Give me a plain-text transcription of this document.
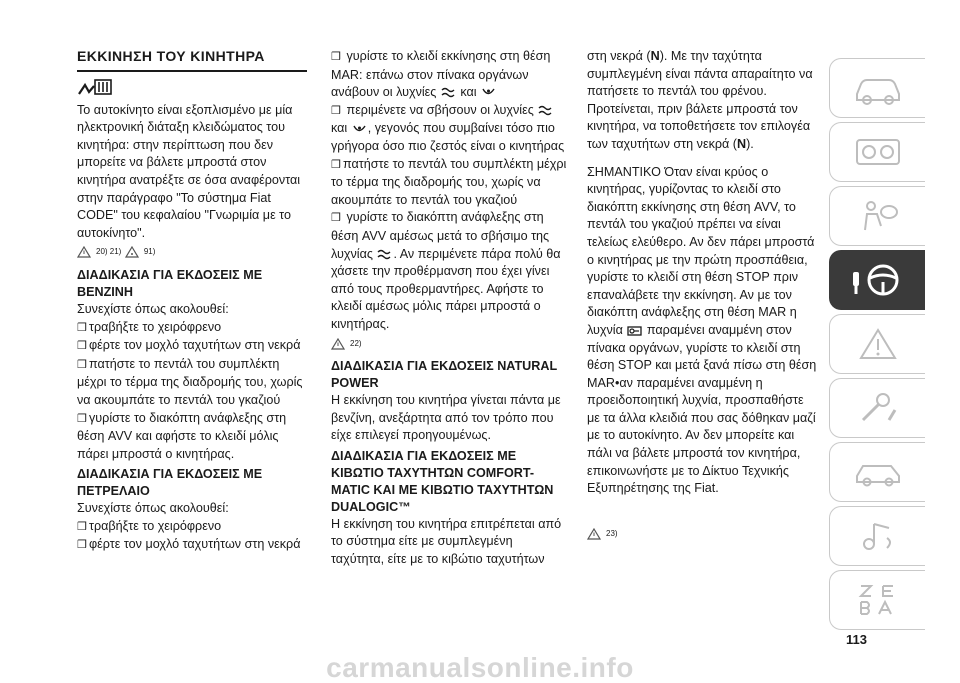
ΕΚΚΙΝΗΣΗ ΤΟΥ ΚΙΝΗΤΗΡΑ

Το αυτοκίνητο είναι εξοπλισμένο με μία ηλεκτρονική διάταξη κλειδώματος του κινητήρα: στην περίπτωση που δεν μπορείτε να βάλετε μπροστά στον κινητήρα ανατρέξτε σε όσα αναφέρονται στην παράγραφο "Το σύστημα Fiat CODE" του κεφαλαίου "Γνωριμία με το αυτοκίνητο".

20) 21)
	91)
ΔΙΑΔΙΚΑΣΙΑ ΓΙΑ ΕΚΔΟΣΕΙΣ ΜΕ ΒΕΝΖΙΝΗ

Συνεχίστε όπως ακολουθεί:

❒ τραβήξτε το χειρόφρενο

❒ φέρτε τον μοχλό ταχυτήτων στη νεκρά

❒ πατήστε το πεντάλ του συμπλέκτη μέχρι το τέρμα της διαδρομής του, χωρίς να ακουμπάτε το πεντάλ του γκαζιού

❒ γυρίστε το διακόπτη ανάφλεξης στη θέση AVV και αφήστε το κλειδί μόλις πάρει μπροστά ο κινητήρας.

ΔΙΑΔΙΚΑΣΙΑ ΓΙΑ ΕΚΔΟΣΕΙΣ ΜΕ ΠΕΤΡΕΛΑΙΟ

Συνεχίστε όπως ακολουθεί:

❒ τραβήξτε το χειρόφρενο

❒ φέρτε τον μοχλό ταχυτήτων στη νεκρά

❒ γυρίστε το κλειδί εκκίνησης στη θέση MAR: επάνω στον πίνακα οργάνων ανάβουν οι λυχνίες και

❒ περιμένετε να σβήσουν οι λυχνίες  και , γεγονός που συμβαίνει τόσο πιο γρήγορα όσο πιο ζεστός είναι ο κινητήρας

❒ πατήστε το πεντάλ του συμπλέκτη μέχρι το τέρμα της διαδρομής του, χωρίς να ακουμπάτε το πεντάλ του γκαζιού

❒ γυρίστε το διακόπτη ανάφλεξης στη θέση AVV αμέσως μετά το σβήσιμο της λυχνίας . Αν περιμένετε πάρα πολύ θα χάσετε την προθέρμανση που έχει γίνει από τους προθερμαντήρες. Αφήστε το κλειδί αμέσως μόλις πάρει μπροστά ο κινητήρας.

22)
ΔΙΑΔΙΚΑΣΙΑ ΓΙΑ ΕΚΔΟΣΕΙΣ NATURAL POWER

Η εκκίνηση του κινητήρα γίνεται πάντα με βενζίνη, ανεξάρτητα από τον τρόπο που είχε επιλεγεί προηγουμένως.

ΔΙΑΔΙΚΑΣΙΑ ΓΙΑ ΕΚΔΟΣΕΙΣ ΜΕ ΚΙΒΩΤΙΟ ΤΑΧΥΤΗΤΩΝ COMFORT-MATIC ΚΑΙ ΜΕ ΚΙΒΩΤΙΟ ΤΑΧΥΤΗΤΩΝ DUALOGIC™

Η εκκίνηση του κινητήρα επιτρέπεται από το σύστημα είτε με συμπλεγμένη ταχύτητα, είτε με το κιβώτιο ταχυτήτων

στη νεκρά (N). Με την ταχύτητα συμπλεγμένη είναι πάντα απαραίτητο να πατήσετε το πεντάλ του φρένου. Προτείνεται, πριν βάλετε μπροστά τον κινητήρα, να τοποθετήσετε τον επιλογέα των ταχυτήτων στη νεκρά (N).

ΣΗΜΑΝΤΙΚΟ Όταν είναι κρύος ο κινητήρας, γυρίζοντας το κλειδί στο διακόπτη εκκίνησης στη θέση AVV, το πεντάλ του γκαζιού πρέπει να είναι τελείως ελεύθερο. Αν δεν πάρει μπροστά ο κινητήρας με την πρώτη προσπάθεια, γυρίστε το κλειδί στη θέση STOP πριν επαναλάβετε την εκκίνηση. Αν με τον διακόπτη ανάφλεξης στη θέση MAR η λυχνία παραμένει αναμμένη στον πίνακα οργάνων, γυρίστε το κλειδί στη θέση STOP και μετά ξανά πίσω στη θέση MAR•αν παραμένει αναμμένη η προειδοποιητική λυχνία, προσπαθήστε με τα άλλα κλειδιά που σας δόθηκαν μαζί με το αυτοκίνητο. Αν δεν μπορείτε και πάλι να βάλετε μπροστά τον κινητήρα, επικοινωνήστε με το Δίκτυο Τεχνικής Εξυπηρέτησης της Fiat.

23)
113
carmanualsonline.info
